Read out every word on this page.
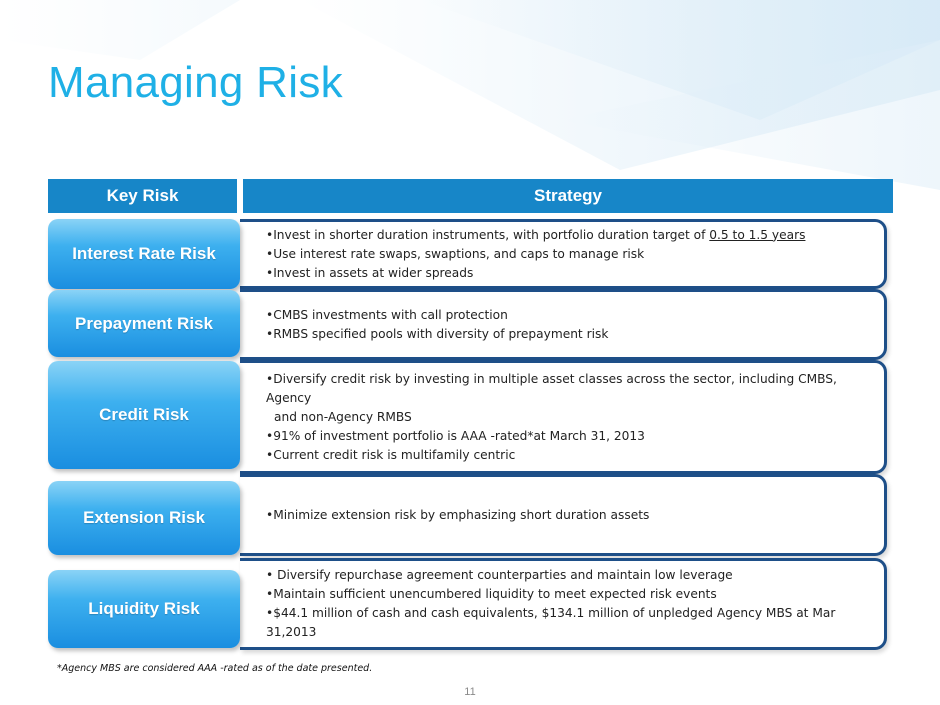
Managing Risk
Key Risk	Strategy
•Invest in shorter duration instruments, with portfolio duration target of 0.5 to 1.5 years
•Use interest rate swaps, swaptions, and caps to manage risk
•Invest in assets at wider spreads
Interest Rate Risk
•CMBS investments with call protection
•RMBS specified pools with diversity of prepayment risk
Prepayment Risk
•Diversify credit risk by investing in multiple asset classes across the sector, including CMBS, Agency
and non-Agency RMBS
•91% of investment portfolio is AAA -rated*at March 31, 2013
•Current credit risk is multifamily centric
Credit Risk
•Minimize extension risk by emphasizing short duration assets
Extension Risk
• Diversify repurchase agreement counterparties and maintain low leverage
•Maintain sufficient unencumbered liquidity to meet expected risk events
•$44.1 million of cash and cash equivalents, $134.1 million of unpledged Agency MBS at Mar 31,2013
Liquidity Risk

*Agency MBS are considered AAA -rated as of the date presented.

11
